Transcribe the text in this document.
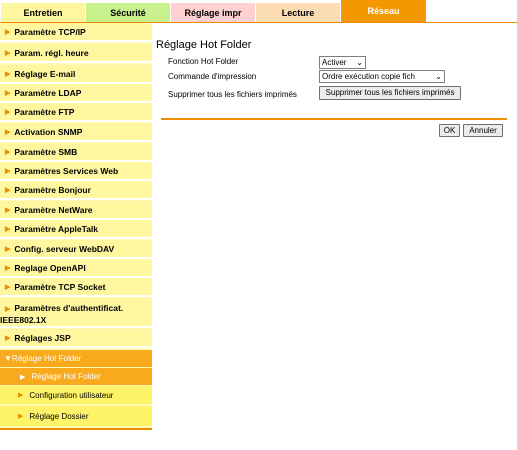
Entretien	Sécurité	Réglage impr	Lecture	Réseau
▶ Paramètre TCP/IP
▶ Param. régl. heure
▶ Réglage E-mail
▶ Paramètre LDAP
▶ Paramètre FTP
▶ Activation SNMP
▶ Paramètre SMB
▶ Paramètres Services Web
▶ Paramètre Bonjour
▶ Paramètre NetWare
▶ Paramètre AppleTalk
▶ Config. serveur WebDAV
▶ Reglage OpenAPI
▶ Paramètre TCP Socket
▶ Paramètres d'authentificat.
IEEE802.1X
▶ Réglages JSP
▼Réglage Hot Folder
▶ Réglage Hot Folder
▶ Configuration utilisateur
▶ Réglage Dossier
Réglage Hot Folder
Fonction Hot Folder	Activer ⌄
Commande d'impression	Ordre exécution copie fich	⌄
Supprimer tous les fichiers imprimés	Supprimer tous les fichiers imprimés
OK	Annuler
